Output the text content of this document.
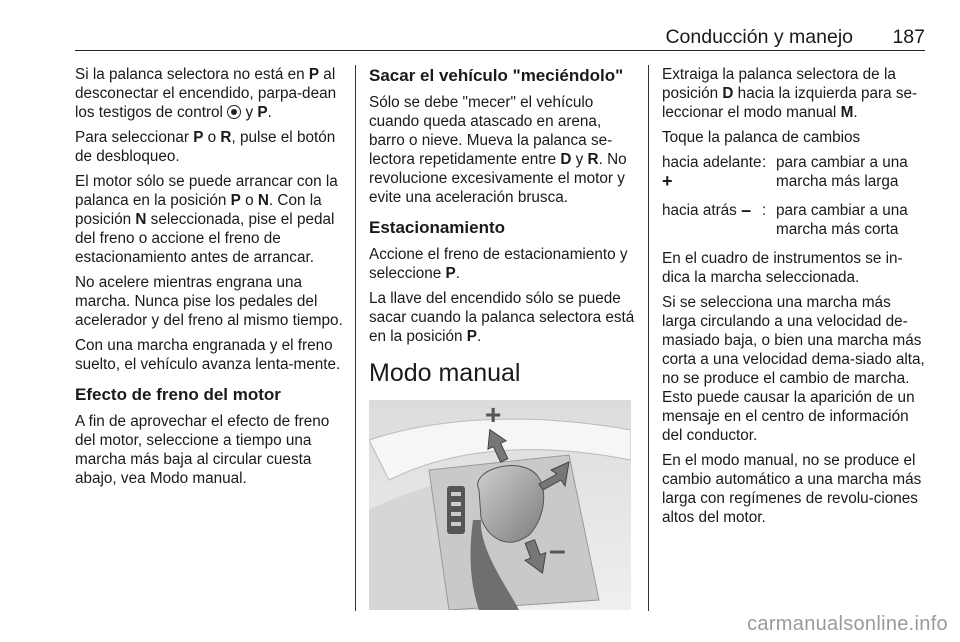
Conducción y manejo 187

Si la palanca selectora no está en P al desconectar el encendido, parpa-dean los testigos de control  y P.

Para seleccionar P o R, pulse el botón de desbloqueo.

El motor sólo se puede arrancar con la palanca en la posición P o N. Con la posición N seleccionada, pise el pedal del freno o accione el freno de estacionamiento antes de arrancar.

No acelere mientras engrana una marcha. Nunca pise los pedales del acelerador y del freno al mismo tiempo.

Con una marcha engranada y el freno suelto, el vehículo avanza lenta-mente.

Efecto de freno del motor

A fin de aprovechar el efecto de freno del motor, seleccione a tiempo una marcha más baja al circular cuesta abajo, vea Modo manual.

Sacar el vehículo "meciéndolo"

Sólo se debe "mecer" el vehículo cuando queda atascado en arena, barro o nieve. Mueva la palanca se-lectora repetidamente entre D y R. No revolucione excesivamente el motor y evite una aceleración brusca.

Estacionamiento

Accione el freno de estacionamiento y seleccione P.

La llave del encendido sólo se puede sacar cuando la palanca selectora está en la posición P.

Modo manual
+
–

Extraiga la palanca selectora de la posición D hacia la izquierda para se-leccionar el modo manual M.

Toque la palanca de cambios

hacia adelante +
: para cambiar a una marcha más larga
hacia atrás – : para cambiar a una marcha más corta

En el cuadro de instrumentos se in-dica la marcha seleccionada.

Si se selecciona una marcha más larga circulando a una velocidad de-masiado baja, o bien una marcha más corta a una velocidad dema-siado alta, no se produce el cambio de marcha. Esto puede causar la aparición de un mensaje en el centro de información del conductor.

En el modo manual, no se produce el cambio automático a una marcha más larga con regímenes de revolu-ciones altos del motor.

carmanualsonline.info
